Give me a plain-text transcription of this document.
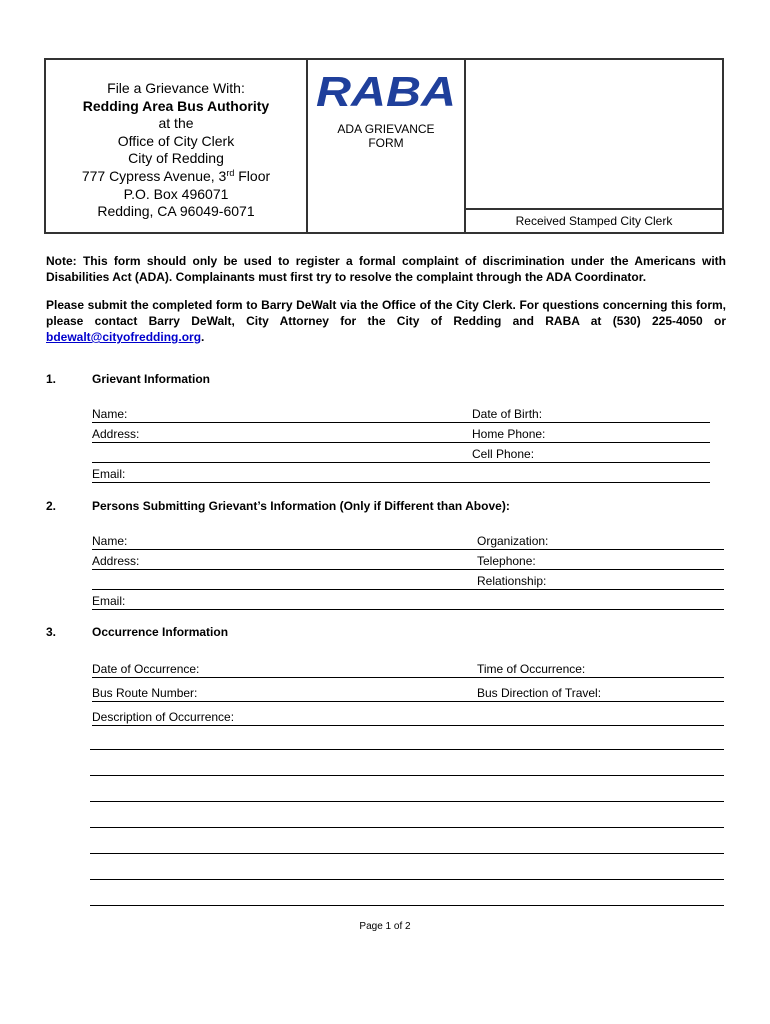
File a Grievance With:
Redding Area Bus Authority
at the
Office of City Clerk
City of Redding
777 Cypress Avenue, 3rd Floor
P.O. Box 496071
Redding, CA 96049-6071
RABA
ADA GRIEVANCE
FORM
Received Stamped City Clerk
Note: This form should only be used to register a formal complaint of discrimination under the Americans with Disabilities Act (ADA). Complainants must first try to resolve the complaint through the ADA Coordinator.
Please submit the completed form to Barry DeWalt via the Office of the City Clerk. For questions concerning this form, please contact Barry DeWalt, City Attorney for the City of Redding and RABA at (530) 225-4050 or bdewalt@cityofredding.org.
1.	Grievant Information
Name:	Date of Birth:
Address:	Home Phone:
Cell Phone:
Email:
2.	Persons Submitting Grievant’s Information (Only if Different than Above):
Name:	Organization:
Address:	Telephone:
Relationship:
Email:
3.	Occurrence Information
Date of Occurrence:	Time of Occurrence:
Bus Route Number:	Bus Direction of Travel:
Description of Occurrence:
Page 1 of 2
